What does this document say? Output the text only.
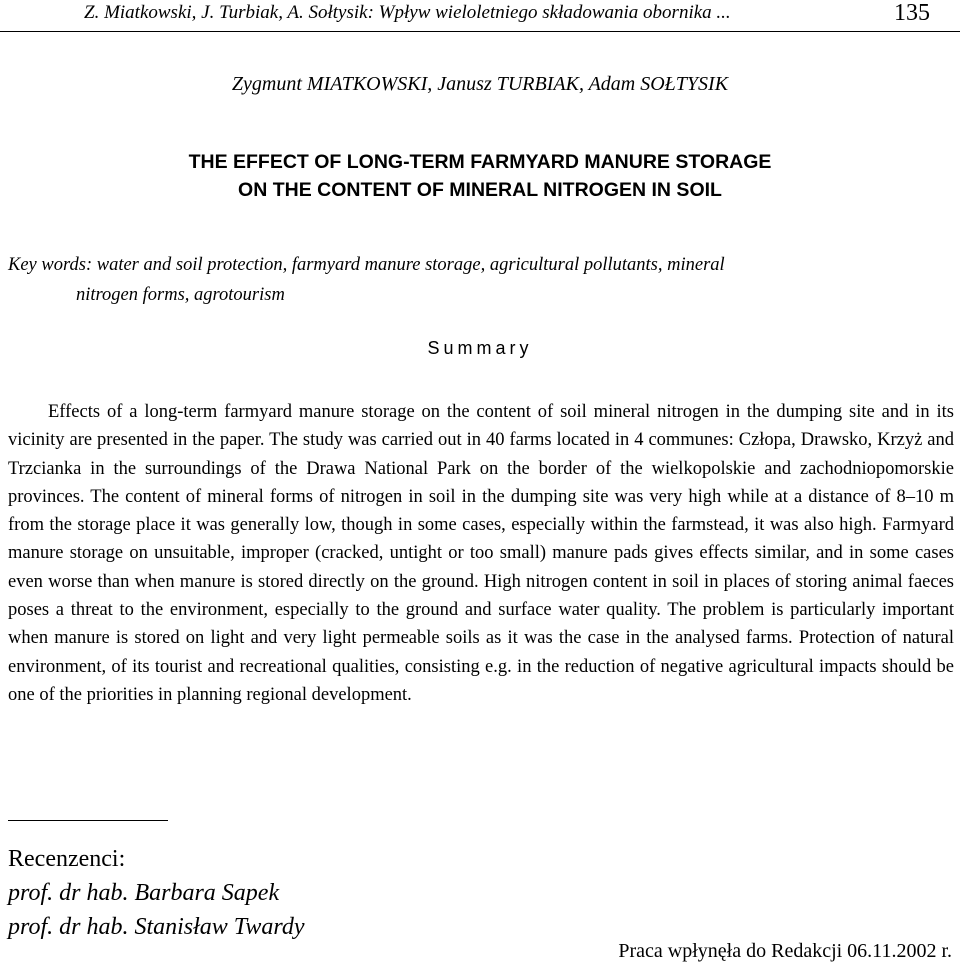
Z. Miatkowski, J. Turbiak, A. Sołtysik: Wpływ wieloletniego składowania obornika ...	135
Zygmunt MIATKOWSKI, Janusz TURBIAK, Adam SOŁTYSIK
THE EFFECT OF LONG-TERM FARMYARD MANURE STORAGE
ON THE CONTENT OF MINERAL NITROGEN IN SOIL
Key words: water and soil protection, farmyard manure storage, agricultural pollutants, mineral
nitrogen forms, agrotourism
Summary
Effects of a long-term farmyard manure storage on the content of soil mineral nitrogen in the dumping site and in its vicinity are presented in the paper. The study was carried out in 40 farms located in 4 communes: Człopa, Drawsko, Krzyż and Trzcianka in the surroundings of the Drawa National Park on the border of the wielkopolskie and zachodniopomorskie provinces. The content of mineral forms of nitrogen in soil in the dumping site was very high while at a distance of 8–10 m from the storage place it was generally low, though in some cases, especially within the farmstead, it was also high. Farmyard manure storage on unsuitable, improper (cracked, untight or too small) manure pads gives effects similar, and in some cases even worse than when manure is stored directly on the ground. High nitrogen content in soil in places of storing animal faeces poses a threat to the environment, especially to the ground and surface water quality. The problem is particularly important when manure is stored on light and very light permeable soils as it was the case in the analysed farms. Protection of natural environment, of its tourist and recreational qualities, consisting e.g. in the reduction of negative agricultural impacts should be one of the priorities in planning regional development.
Recenzenci:
prof. dr hab. Barbara Sapek
prof. dr hab. Stanisław Twardy
Praca wpłynęła do Redakcji 06.11.2002 r.
